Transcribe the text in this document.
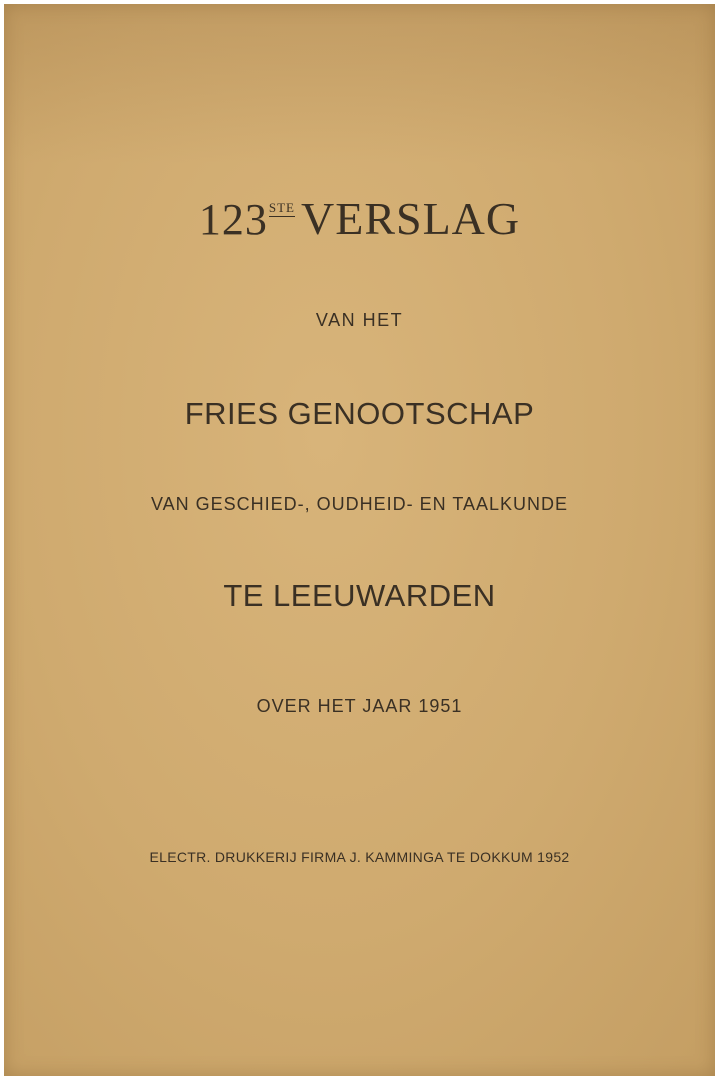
123STE VERSLAG
VAN HET
FRIES GENOOTSCHAP
VAN GESCHIED-, OUDHEID- EN TAALKUNDE
TE LEEUWARDEN
OVER HET JAAR 1951
ELECTR. DRUKKERIJ FIRMA J. KAMMINGA TE DOKKUM 1952
